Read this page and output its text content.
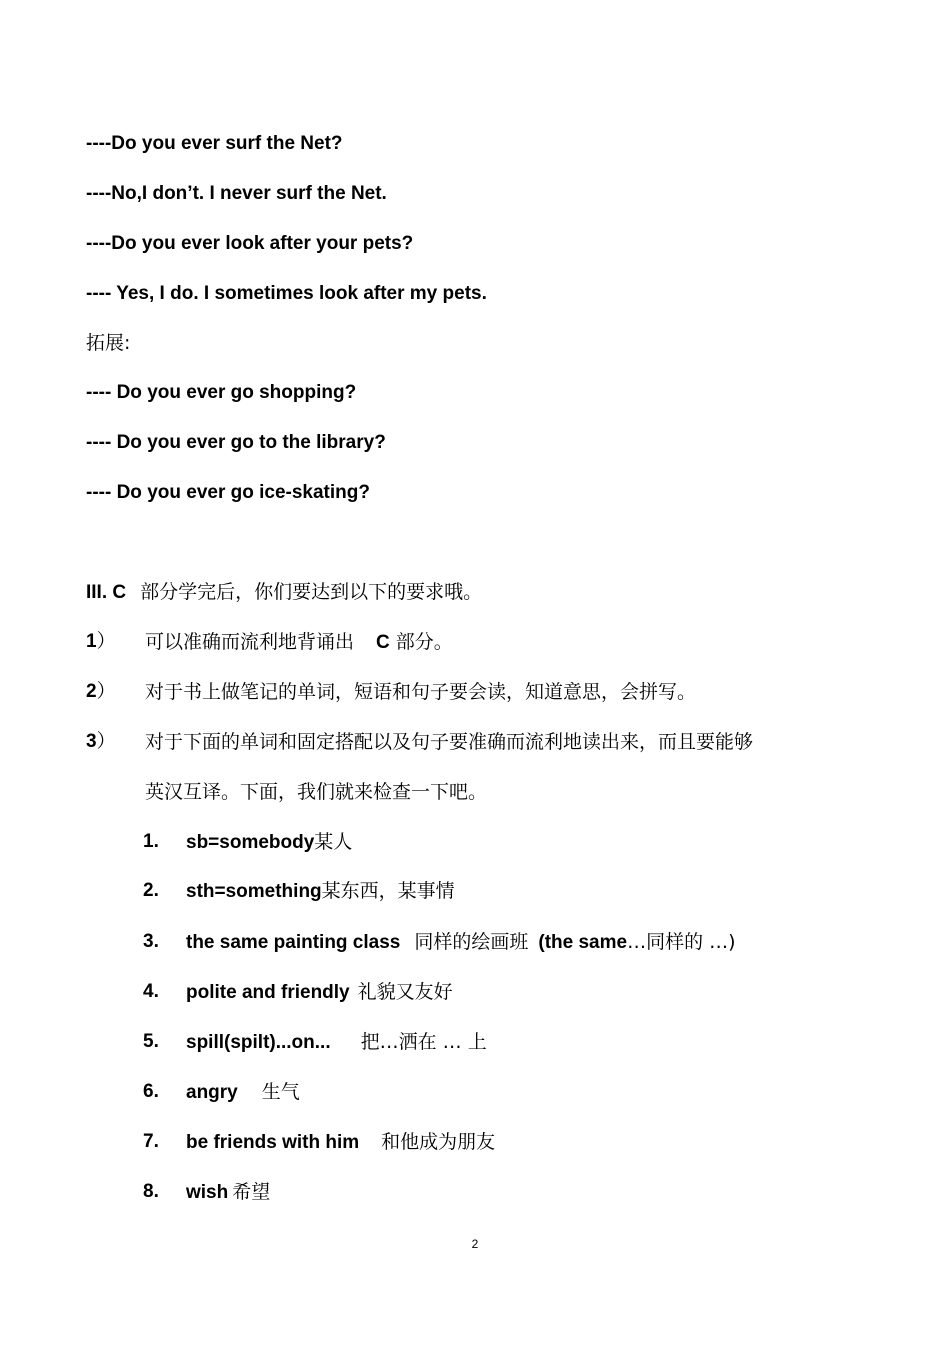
----Do you ever surf the Net?
----No,I don’t. I never surf the Net.
----Do you ever look after your pets?
---- Yes, I do. I sometimes look after my pets.
拓展:
---- Do you ever go shopping?
---- Do you ever go to the library?
---- Do you ever go ice-skating?
III. C 部分学完后，你们要达到以下的要求哦。
1） 可以准确而流利地背诵出 C 部分。
2） 对于书上做笔记的单词，短语和句子要会读，知道意思，会拼写。
3） 对于下面的单词和固定搭配以及句子要准确而流利地读出来，而且要能够
英汉互译。下面，我们就来检查一下吧。
1. sb=somebody某人
2. sth=something某东西，某事情
3. the same painting class 同样的绘画班 (the same…同样的 …)
4. polite and friendly 礼貌又友好
5. spill(spilt)...on... 把…洒在 … 上
6. angry 生气
7. be friends with him 和他成为朋友
8. wish 希望
2
